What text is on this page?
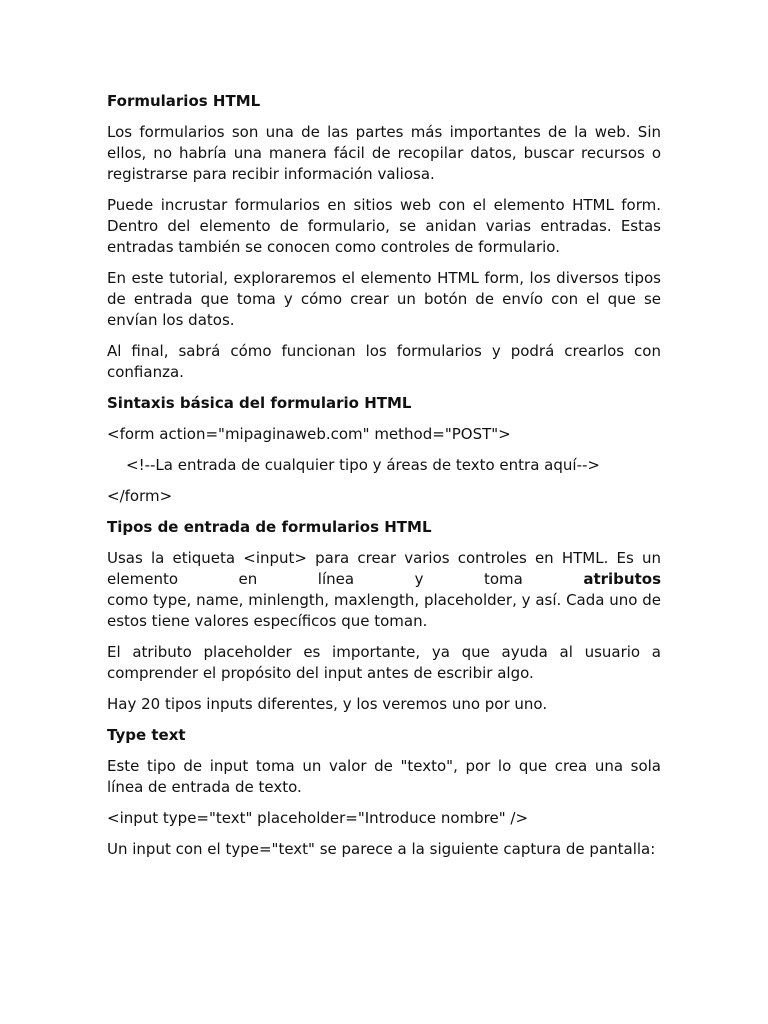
Formularios HTML

Los formularios son una de las partes más importantes de la web. Sin ellos, no habría una manera fácil de recopilar datos, buscar recursos o registrarse para recibir información valiosa.

Puede incrustar formularios en sitios web con el elemento HTML form. Dentro del elemento de formulario, se anidan varias entradas. Estas entradas también se conocen como controles de formulario.

En este tutorial, exploraremos el elemento HTML form, los diversos tipos de entrada que toma y cómo crear un botón de envío con el que se envían los datos.

Al final, sabrá cómo funcionan los formularios y podrá crearlos con confianza.

Sintaxis básica del formulario HTML

<form action="mipaginaweb.com" method="POST">

<!--La entrada de cualquier tipo y áreas de texto entra aquí-->

</form>

Tipos de entrada de formularios HTML

Usas la etiqueta <input> para crear varios controles en HTML. Es un

elemento en línea y toma	atributos

como type, name, minlength, maxlength, placeholder, y así. Cada uno de estos tiene valores específicos que toman.

El atributo placeholder es importante, ya que ayuda al usuario a comprender el propósito del input antes de escribir algo.

Hay 20 tipos inputs diferentes, y los veremos uno por uno.

Type text

Este tipo de input toma un valor de "texto", por lo que crea una sola línea de entrada de texto.

<input type="text" placeholder="Introduce nombre" />

Un input con el type="text" se parece a la siguiente captura de pantalla:
